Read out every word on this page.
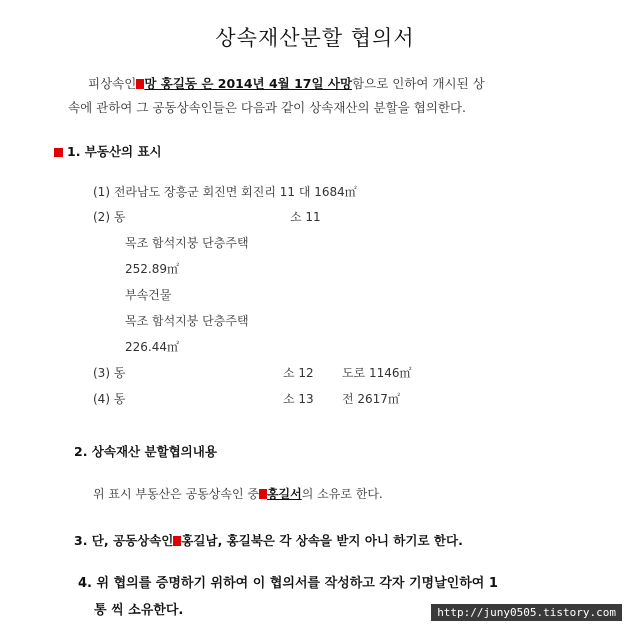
상속재산분할 협의서
피상속인 망 홍길동 은 2014년 4월 17일 사망함으로 인하여 개시된 상
속에 관하여 그 공동상속인들은 다음과 같이 상속재산의 분할을 협의한다.
1. 부동산의 표시
(1) 전라남도 장흥군 회진면 회진리 11 대 1684㎡
(2) 동	소 11
목조 함석지붕 단층주택
252.89㎡
부속건물
목조 함석지붕 단층주택
226.44㎡
(3) 동	소 12 도로 1146㎡
(4) 동	소 13 전 2617㎡
2. 상속재산 분할협의내용
위 표시 부동산은 공동상속인 중 홍길서의 소유로 한다.
3. 단, 공동상속인 홍길남, 홍길북은 각 상속을 받지 아니 하기로 한다.
4. 위 협의를 증명하기 위하여 이 협의서를 작성하고 각자 기명날인하여 1
통 씩 소유한다.	http://juny0505.tistory.com
